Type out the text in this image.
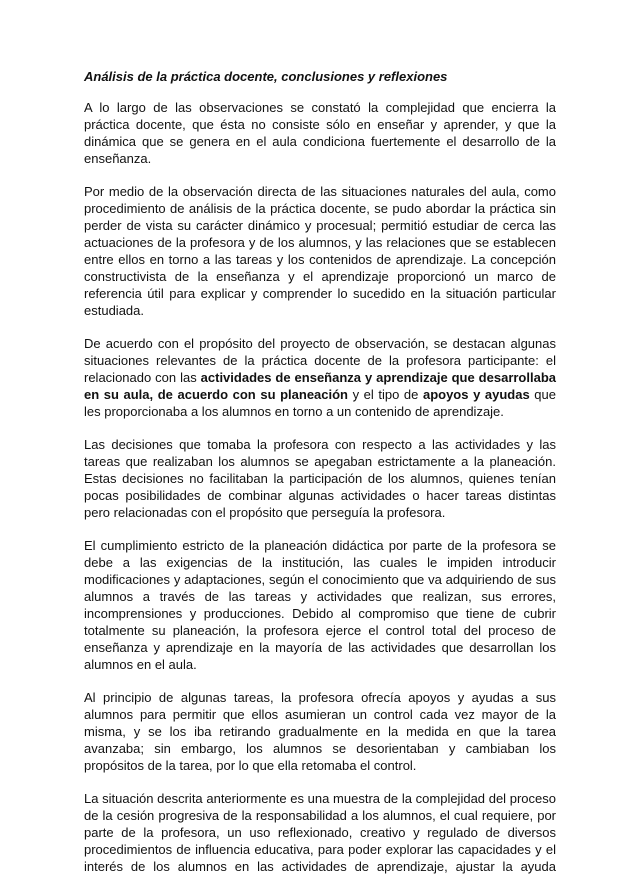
Análisis de la práctica docente, conclusiones y reflexiones

A lo largo de las observaciones se constató la complejidad que encierra la práctica docente, que ésta no consiste sólo en enseñar y aprender, y que la dinámica que se genera en el aula condiciona fuertemente el desarrollo de la enseñanza.

Por medio de la observación directa de las situaciones naturales del aula, como procedimiento de análisis de la práctica docente, se pudo abordar la práctica sin perder de vista su carácter dinámico y procesual; permitió estudiar de cerca las actuaciones de la profesora y de los alumnos, y las relaciones que se establecen entre ellos en torno a las tareas y los contenidos de aprendizaje. La concepción constructivista de la enseñanza y el aprendizaje proporcionó un marco de referencia útil para explicar y comprender lo sucedido en la situación particular estudiada.

De acuerdo con el propósito del proyecto de observación, se destacan algunas situaciones relevantes de la práctica docente de la profesora participante: el relacionado con las actividades de enseñanza y aprendizaje que desarrollaba en su aula, de acuerdo con su planeación y el tipo de apoyos y ayudas que les proporcionaba a los alumnos en torno a un contenido de aprendizaje.

Las decisiones que tomaba la profesora con respecto a las actividades y las tareas que realizaban los alumnos se apegaban estrictamente a la planeación. Estas decisiones no facilitaban la participación de los alumnos, quienes tenían pocas posibilidades de combinar algunas actividades o hacer tareas distintas pero relacionadas con el propósito que perseguía la profesora.

El cumplimiento estricto de la planeación didáctica por parte de la profesora se debe a las exigencias de la institución, las cuales le impiden introducir modificaciones y adaptaciones, según el conocimiento que va adquiriendo de sus alumnos a través de las tareas y actividades que realizan, sus errores, incomprensiones y producciones. Debido al compromiso que tiene de cubrir totalmente su planeación, la profesora ejerce el control total del proceso de enseñanza y aprendizaje en la mayoría de las actividades que desarrollan los alumnos en el aula.

Al principio de algunas tareas, la profesora ofrecía apoyos y ayudas a sus alumnos para permitir que ellos asumieran un control cada vez mayor de la misma, y se los iba retirando gradualmente en la medida en que la tarea avanzaba; sin embargo, los alumnos se desorientaban y cambiaban los propósitos de la tarea, por lo que ella retomaba el control.

La situación descrita anteriormente es una muestra de la complejidad del proceso de la cesión progresiva de la responsabilidad a los alumnos, el cual requiere, por parte de la profesora, un uso reflexionado, creativo y regulado de diversos procedimientos de influencia educativa, para poder explorar las capacidades y el interés de los alumnos en las actividades de aprendizaje, ajustar la ayuda
